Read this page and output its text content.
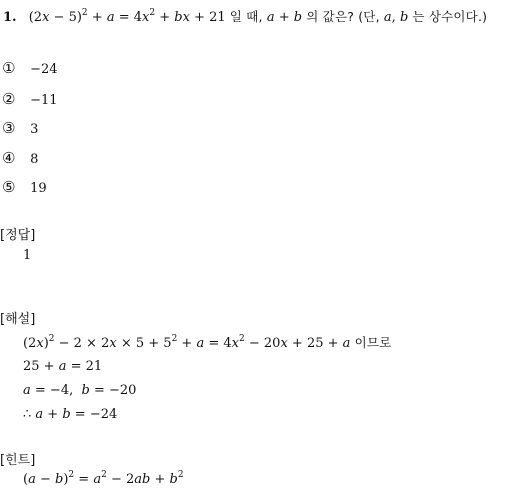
1. $(2x - 5)^2 + a = 4x^2$ + bx + 21 일 때, a + b 의 값은? (단, a, b 는 상수이다.)
① −24
② −11
③ 3
④ 8
⑤ 19
[정답]
1
[해설]
$(2x)^2 - 2 \times 2x \times 5 + 5^2 + a = 4x^2 - 20x + 25 + a$ 이므로
25 + a = 21
a = −4,  b = −20
∴ a + b = −24
[힌트]
$(a - b)^2 = a^2 - 2ab + b^2$
